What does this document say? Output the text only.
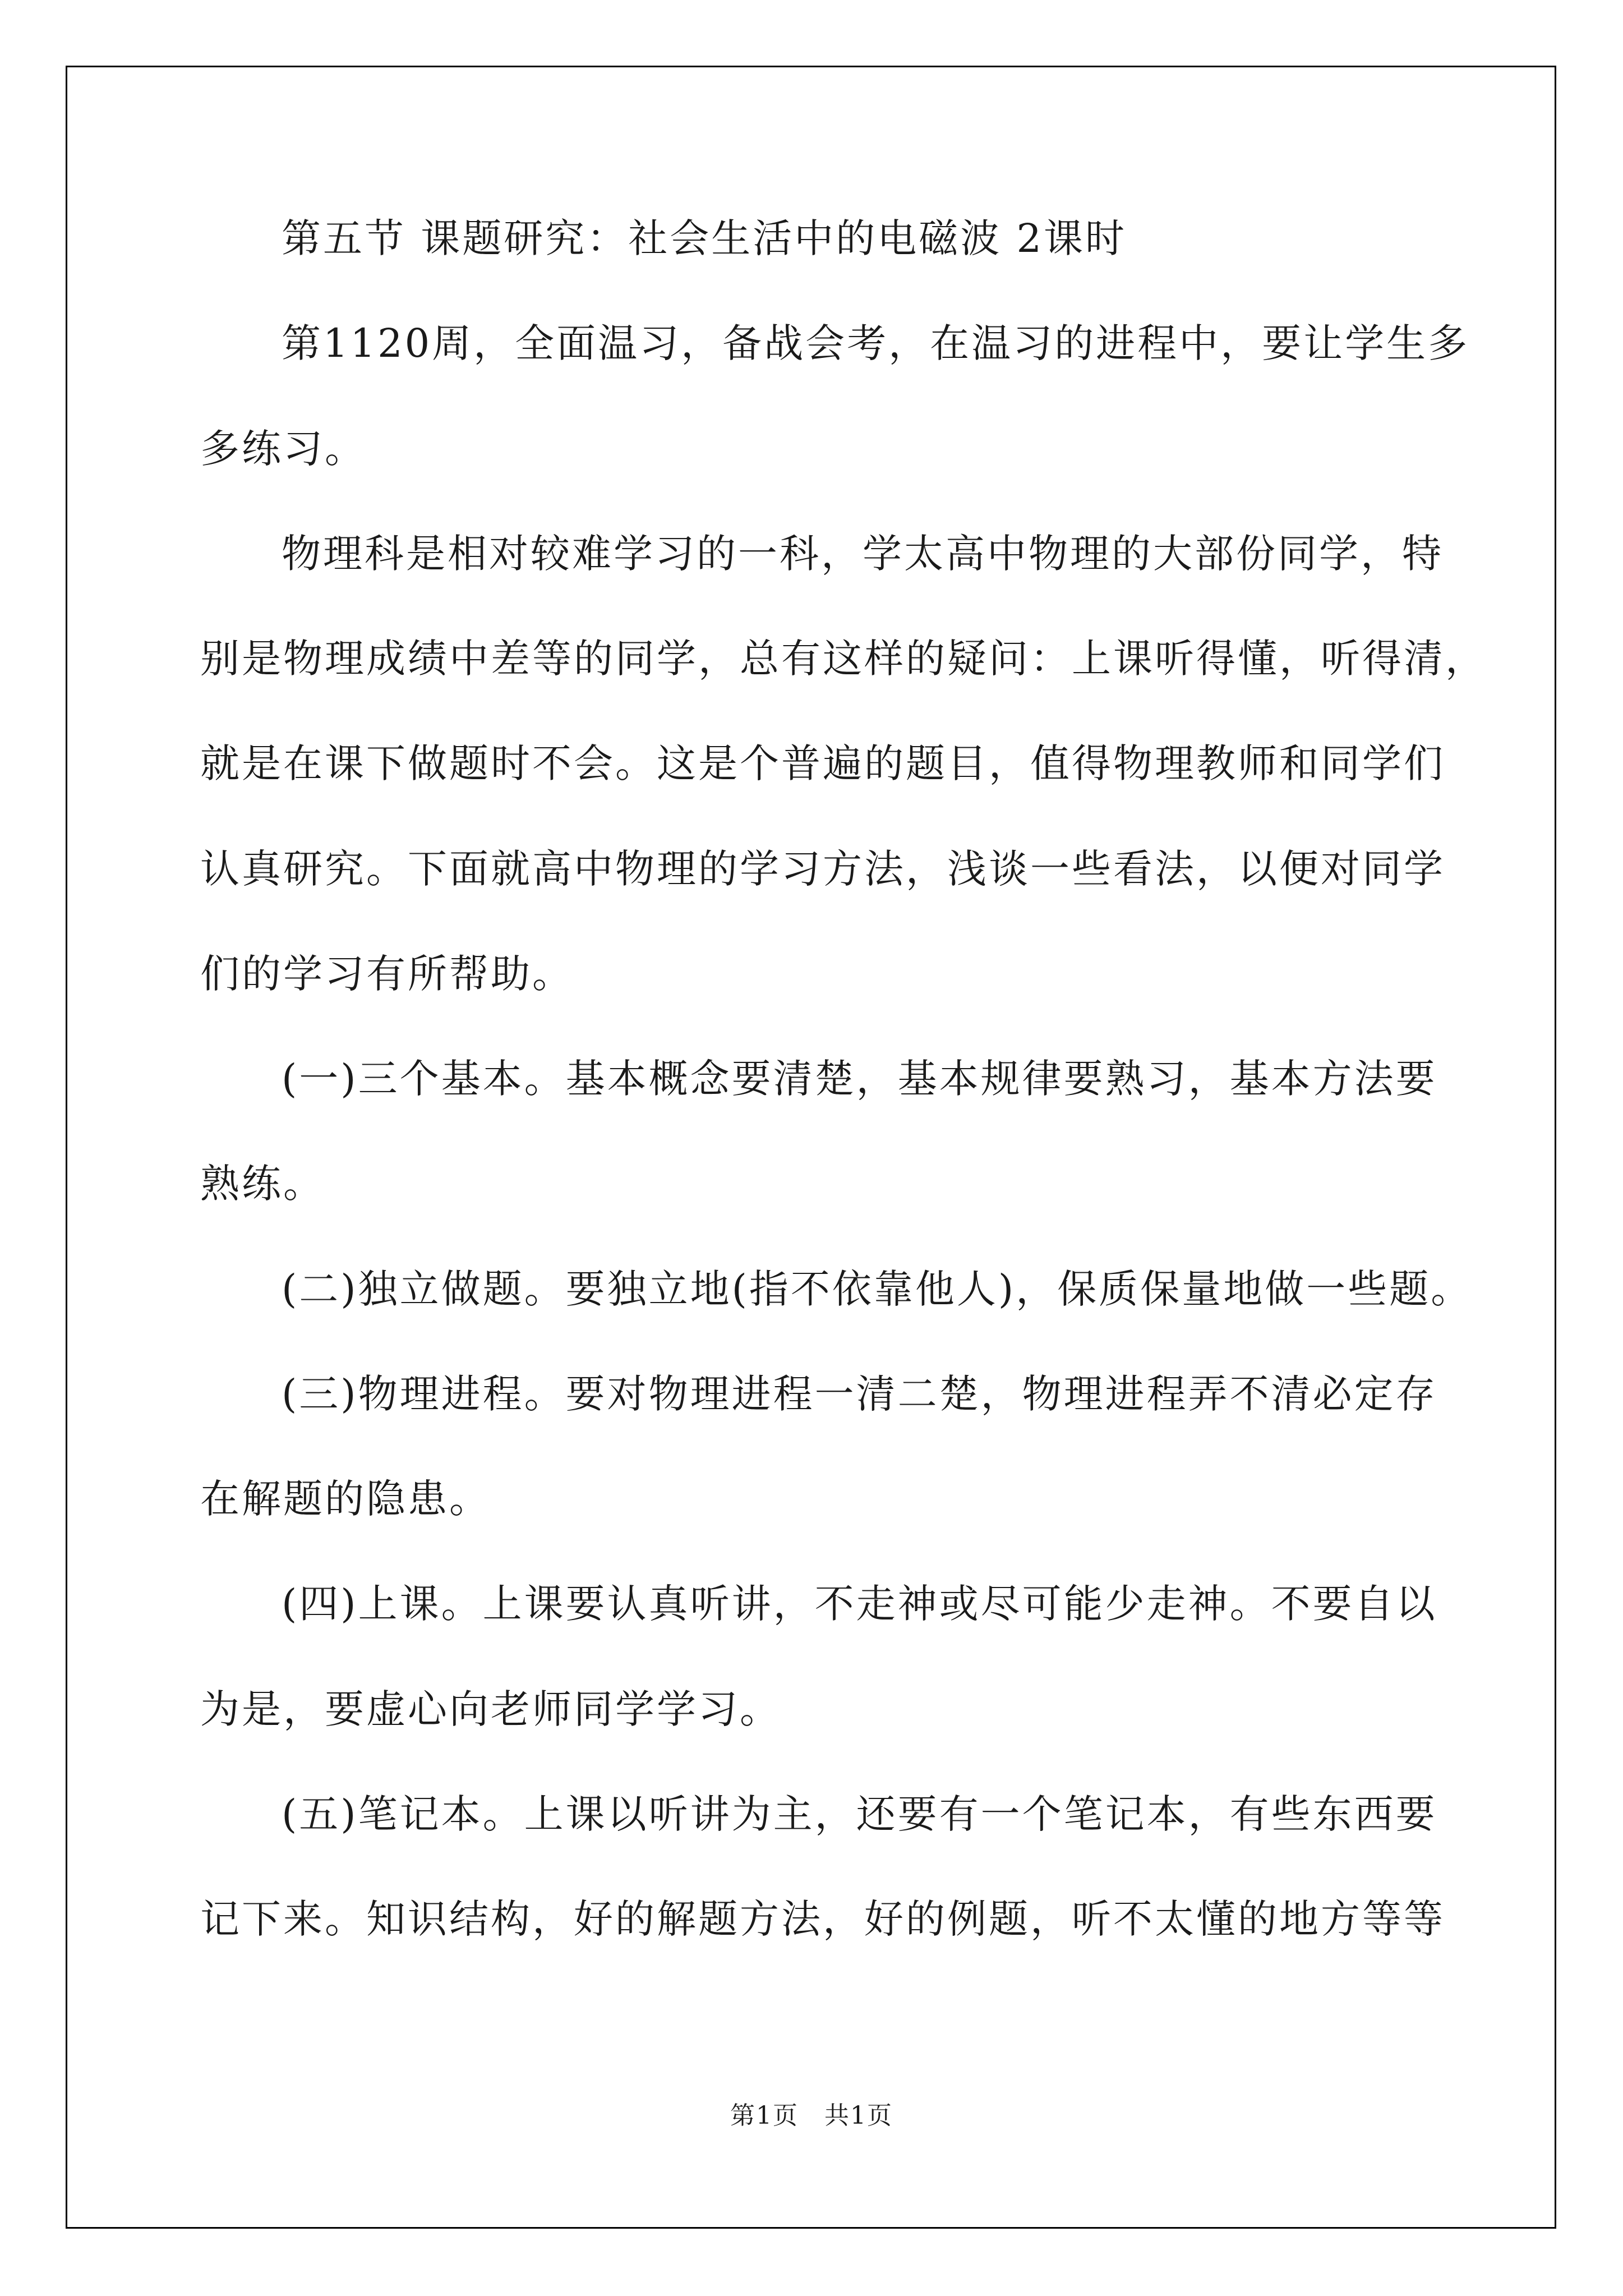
第五节 课题研究：社会生活中的电磁波 2课时
第1120周，全面温习，备战会考，在温习的进程中，要让学生多
多练习。
物理科是相对较难学习的一科，学太高中物理的大部份同学，特
别是物理成绩中差等的同学，总有这样的疑问：上课听得懂，听得清，
就是在课下做题时不会。这是个普遍的题目，值得物理教师和同学们
认真研究。下面就高中物理的学习方法，浅谈一些看法，以便对同学
们的学习有所帮助。
(一)三个基本。基本概念要清楚，基本规律要熟习，基本方法要
熟练。
(二)独立做题。要独立地(指不依靠他人)，保质保量地做一些题。
(三)物理进程。要对物理进程一清二楚，物理进程弄不清必定存
在解题的隐患。
(四)上课。上课要认真听讲，不走神或尽可能少走神。不要自以
为是，要虚心向老师同学学习。
(五)笔记本。上课以听讲为主，还要有一个笔记本，有些东西要
记下来。知识结构，好的解题方法，好的例题，听不太懂的地方等等
第1页　共1页
